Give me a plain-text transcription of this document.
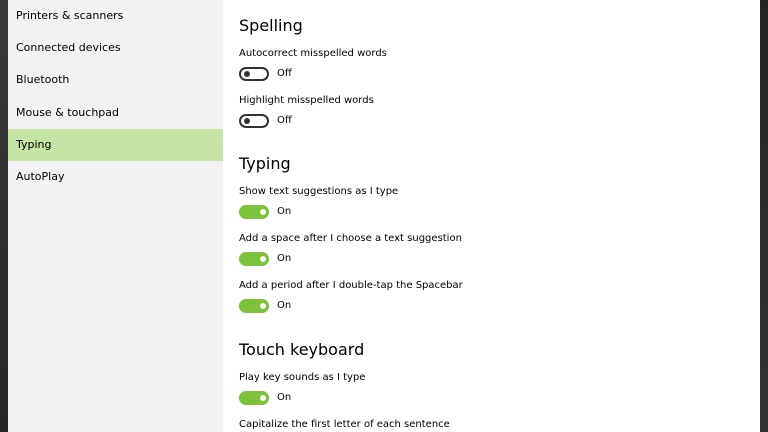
Printers & scanners
Connected devices
Bluetooth
Mouse & touchpad
Typing
AutoPlay
Spelling
Autocorrect misspelled words
Off
Highlight misspelled words
Off
Typing
Show text suggestions as I type
On
Add a space after I choose a text suggestion
On
Add a period after I double-tap the Spacebar
On
Touch keyboard
Play key sounds as I type
On
Capitalize the first letter of each sentence
